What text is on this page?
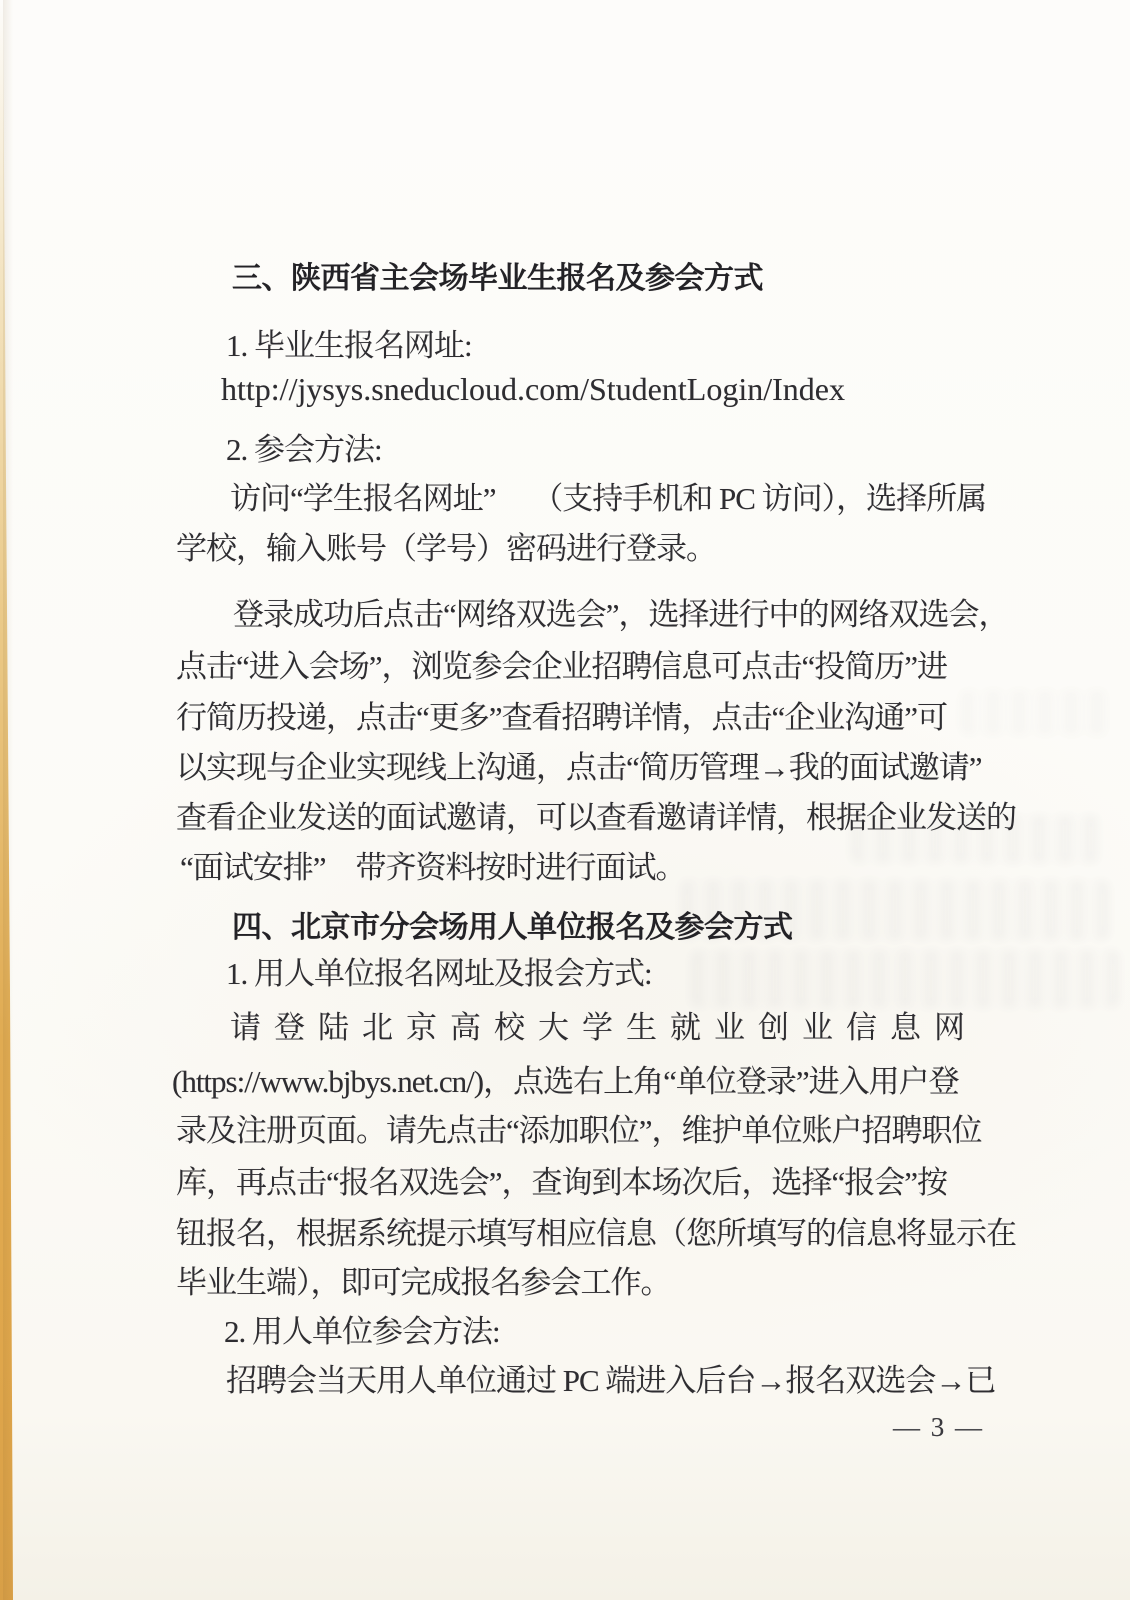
三、陕西省主会场毕业生报名及参会方式
1. 毕业生报名网址:
http://jysys.sneducloud.com/StudentLogin/Index
2. 参会方法:
访问“学生报名网址”　 （支持手机和 PC 访问），选择所属
学校，输入账号（学号）密码进行登录。
登录成功后点击“网络双选会”，选择进行中的网络双选会，
点击“进入会场”，浏览参会企业招聘信息可点击“投简历”进
行简历投递，点击“更多”查看招聘详情，点击“企业沟通”可
以实现与企业实现线上沟通，点击“简历管理→我的面试邀请”
查看企业发送的面试邀请，可以查看邀请详情，根据企业发送的
“面试安排”　带齐资料按时进行面试。
四、北京市分会场用人单位报名及参会方式
1. 用人单位报名网址及报会方式:
请登陆北京高校大学生就业创业信息网
(https://www.bjbys.net.cn/)，点选右上角“单位登录”进入用户登
录及注册页面。请先点击“添加职位”，维护单位账户招聘职位
库，再点击“报名双选会”，查询到本场次后，选择“报会”按
钮报名，根据系统提示填写相应信息（您所填写的信息将显示在
毕业生端），即可完成报名参会工作。
2. 用人单位参会方法:
招聘会当天用人单位通过 PC 端进入后台→报名双选会→已
— 3 —
